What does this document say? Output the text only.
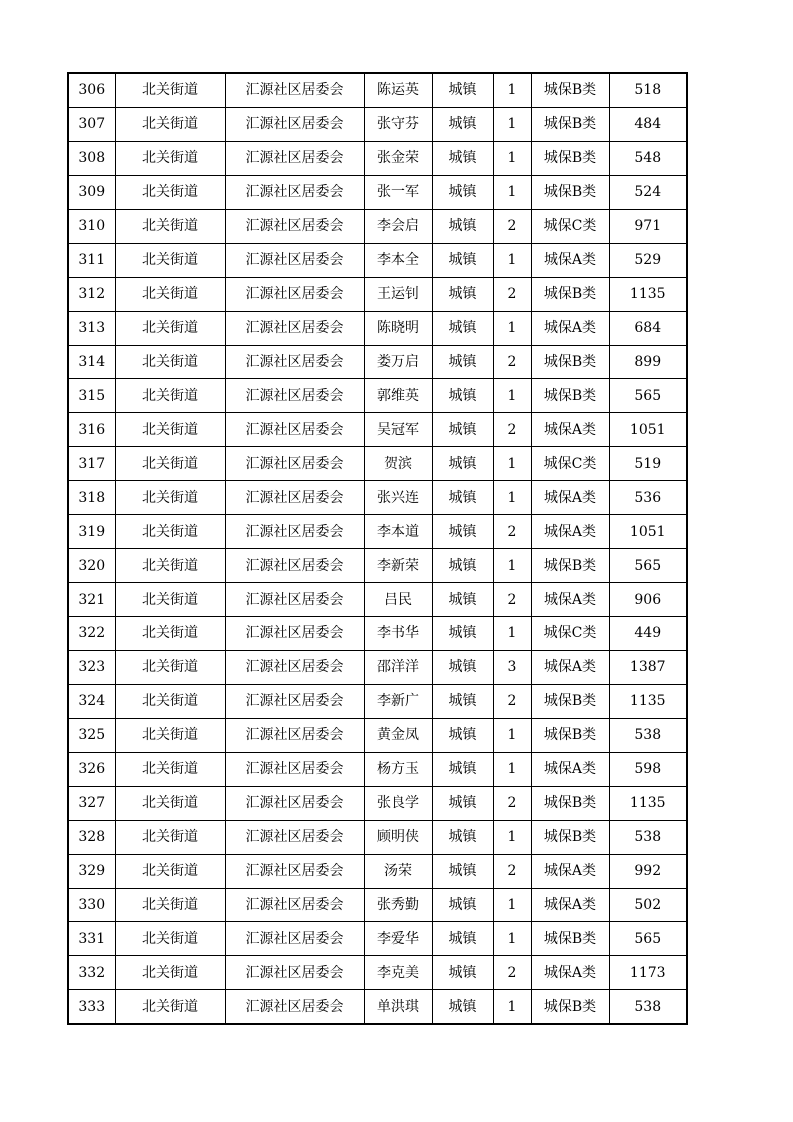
306	北关街道	汇源社区居委会	陈运英	城镇	1	城保B类	518
307	北关街道	汇源社区居委会	张守芬	城镇	1	城保B类	484
308	北关街道	汇源社区居委会	张金荣	城镇	1	城保B类	548
309	北关街道	汇源社区居委会	张一军	城镇	1	城保B类	524
310	北关街道	汇源社区居委会	李会启	城镇	2	城保C类	971
311	北关街道	汇源社区居委会	李本全	城镇	1	城保A类	529
312	北关街道	汇源社区居委会	王运钊	城镇	2	城保B类	1135
313	北关街道	汇源社区居委会	陈晓明	城镇	1	城保A类	684
314	北关街道	汇源社区居委会	娄万启	城镇	2	城保B类	899
315	北关街道	汇源社区居委会	郭维英	城镇	1	城保B类	565
316	北关街道	汇源社区居委会	吴冠军	城镇	2	城保A类	1051
317	北关街道	汇源社区居委会	贺滨	城镇	1	城保C类	519
318	北关街道	汇源社区居委会	张兴连	城镇	1	城保A类	536
319	北关街道	汇源社区居委会	李本道	城镇	2	城保A类	1051
320	北关街道	汇源社区居委会	李新荣	城镇	1	城保B类	565
321	北关街道	汇源社区居委会	吕民	城镇	2	城保A类	906
322	北关街道	汇源社区居委会	李书华	城镇	1	城保C类	449
323	北关街道	汇源社区居委会	邵洋洋	城镇	3	城保A类	1387
324	北关街道	汇源社区居委会	李新广	城镇	2	城保B类	1135
325	北关街道	汇源社区居委会	黄金凤	城镇	1	城保B类	538
326	北关街道	汇源社区居委会	杨方玉	城镇	1	城保A类	598
327	北关街道	汇源社区居委会	张良学	城镇	2	城保B类	1135
328	北关街道	汇源社区居委会	顾明侠	城镇	1	城保B类	538
329	北关街道	汇源社区居委会	汤荣	城镇	2	城保A类	992
330	北关街道	汇源社区居委会	张秀勤	城镇	1	城保A类	502
331	北关街道	汇源社区居委会	李爱华	城镇	1	城保B类	565
332	北关街道	汇源社区居委会	李克美	城镇	2	城保A类	1173
333	北关街道	汇源社区居委会	单洪琪	城镇	1	城保B类	538
